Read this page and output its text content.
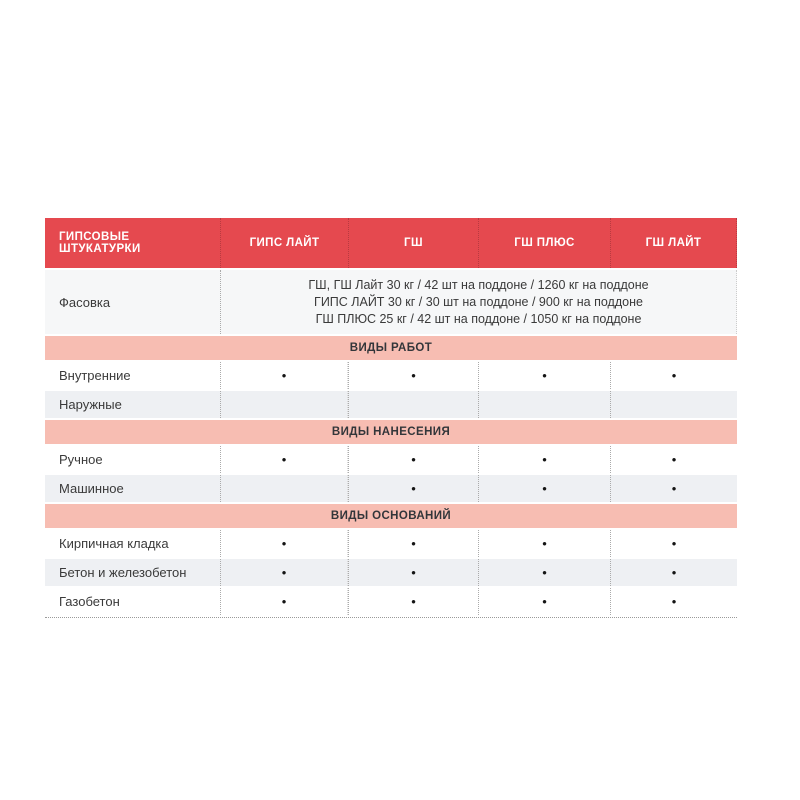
ГИПСОВЫЕ ШТУКАТУРКИ	ГИПС ЛАЙТ	ГШ	ГШ ПЛЮС	ГШ ЛАЙТ
Фасовка	ГШ, ГШ Лайт 30 кг / 42 шт на поддоне / 1260 кг на поддоне
ГИПС ЛАЙТ 30 кг / 30 шт на поддоне / 900 кг на поддоне
ГШ ПЛЮС 25 кг / 42 шт на поддоне / 1050 кг на поддоне			

ВИДЫ РАБОТ				
Внутренние	•	•	•	•
Наружные				
ВИДЫ НАНЕСЕНИЯ				
Ручное	•	•	•	•
Машинное		•	•	•
ВИДЫ ОСНОВАНИЙ				
Кирпичная кладка	•	•	•	•
Бетон и железобетон	•	•	•	•
Газобетон	•	•	•	•
